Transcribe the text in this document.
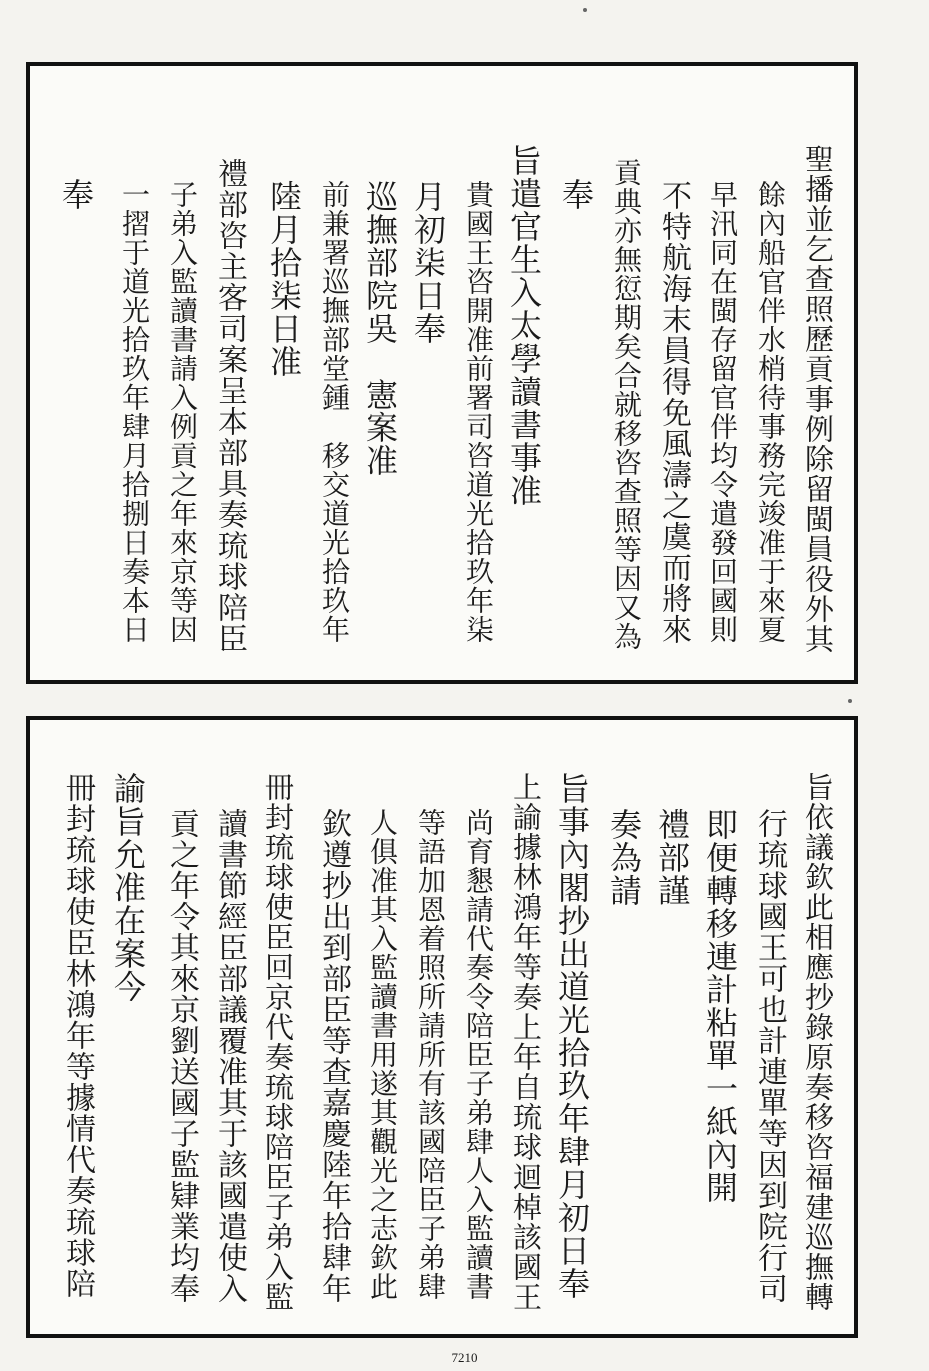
聖播並乞查照歷貢事例除留閩員役外其
餘內船官伴水梢待事務完竣准于來夏
早汛同在閩存留官伴均令遣發回國則
不特航海末員得免風濤之虞而將來
貢典亦無愆期矣合就移咨查照等因又為
奉
旨遣官生入太學讀書事准
貴國王咨開准前署司咨道光拾玖年柒
月初柒日奉
巡撫部院吳　憲案准
前兼署巡撫部堂鍾　移交道光拾玖年
陸月拾柒日准
禮部咨主客司案呈本部具奏琉球陪臣
子弟入監讀書請入例貢之年來京等因
一摺于道光拾玖年肆月拾捌日奏本日
奉
旨依議欽此相應抄錄原奏移咨福建巡撫轉
行琉球國王可也計連單等因到院行司
即便轉移連計粘單一紙內開
禮部謹
奏為請
旨事內閣抄出道光拾玖年肆月初日奉
上諭據林鴻年等奏上年自琉球迴棹該國王
尚育懇請代奏令陪臣子弟肆人入監讀書
等語加恩着照所請所有該國陪臣子弟肆
人俱准其入監讀書用遂其觀光之志欽此
欽遵抄出到部臣等查嘉慶陸年拾肆年
冊封琉球使臣回京代奏琉球陪臣子弟入監
讀書節經臣部議覆准其于該國遣使入
貢之年令其來京劉送國子監肄業均奉
諭旨允准在案今
冊封琉球使臣林鴻年等據情代奏琉球陪
7210
